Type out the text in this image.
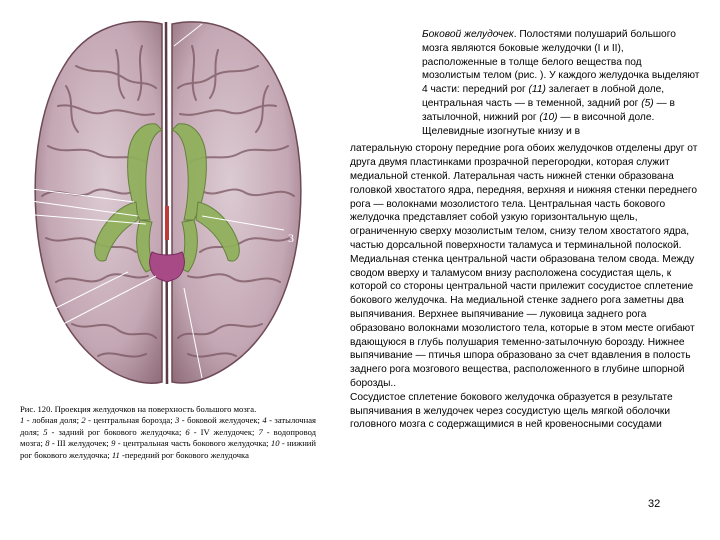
1
2
9
8
5
6
4
11
7	3
10
Рис. 120. Проекция желудочков на поверхность большого мозга.
1 - лобная доля; 2 - центральная борозда; 3 - боковой желудочек; 4 - затылочная доля; 5 - задний рог бокового желудочка; 6 - IV желудочек; 7 - водопровод мозга; 8 - III желудочек; 9 - центральная часть бокового желудочка; 10 - нижний рог бокового желудочка; 11 -передний рог бокового желудочка

Боковой желудочек. Полостями полушарий большого мозга являются боковые желудочки (I и II), расположенные в толще белого вещества под мозолистым телом (рис. ). У каждого желудочка выделяют 4 части: передний рог (11) залегает в лобной доле, центральная часть — в теменной, задний рог (5) — в затылочной, нижний рог (10) — в височной доле. Щелевидные изогнутые книзу и в

латеральную сторону передние рога обоих желудочков отделены друг от друга двумя пластинками прозрачной перегородки, которая служит медиальной стенкой. Латеральная часть нижней стенки образована головкой хвостатого ядра, передняя, верхняя и нижняя стенки переднего рога — волокнами мозолистого тела. Центральная часть бокового желудочка представляет собой узкую горизонтальную щель, ограниченную сверху мозолистым телом, снизу телом хвостатого ядра, частью дорсальной поверхности таламуса и терминальной полоской. Медиальная стенка центральной части образована телом свода. Между сводом вверху и таламусом внизу расположена сосудистая щель, к которой со стороны центральной части прилежит сосудистое сплетение бокового желудочка. На медиальной стенке заднего рога заметны два выпячивания. Верхнее выпячивание — луковица заднего рога образовано волокнами мозолистого тела, которые в этом месте огибают вдающуюся в глубь полушария теменно-затылочную борозду. Нижнее выпячивание — птичья шпора образовано за счет вдавления в полость заднего рога мозгового вещества, расположенного в глубине шпорной борозды..

Сосудистое сплетение бокового желудочка образуется в результате выпячивания в желудочек через сосудистую щель мягкой оболочки головного мозга с содержащимися в ней кровеносными сосудами

32
